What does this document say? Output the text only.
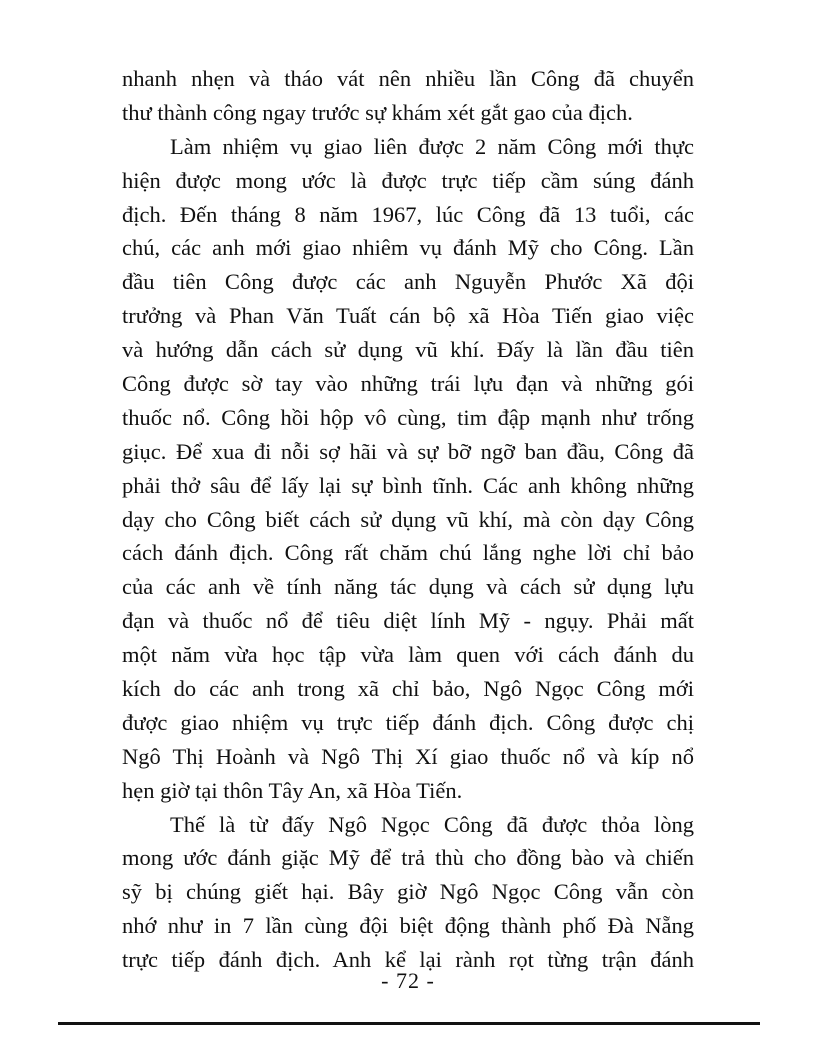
nhanh nhẹn và tháo vát nên nhiều lần Công đã chuyển
thư thành công ngay trước sự khám xét gắt gao của địch.
Làm nhiệm vụ giao liên được 2 năm Công mới thực
hiện được mong ước là được trực tiếp cầm súng đánh
địch. Đến tháng 8 năm 1967, lúc Công đã 13 tuổi, các
chú, các anh mới giao nhiêm vụ đánh Mỹ cho Công. Lần
đầu tiên Công được các anh Nguyễn Phước Xã đội
trưởng và Phan Văn Tuất cán bộ xã Hòa Tiến giao việc
và hướng dẫn cách sử dụng vũ khí. Đấy là lần đầu tiên
Công được sờ tay vào những trái lựu đạn và những gói
thuốc nổ. Công hồi hộp vô cùng, tim đập mạnh như trống
giục. Để xua đi nỗi sợ hãi và sự bỡ ngỡ ban đầu, Công đã
phải thở sâu để lấy lại sự bình tĩnh. Các anh không những
dạy cho Công biết cách sử dụng vũ khí, mà còn dạy Công
cách đánh địch. Công rất chăm chú lắng nghe lời chỉ bảo
của các anh về tính năng tác dụng và cách sử dụng lựu
đạn và thuốc nổ để tiêu diệt lính Mỹ - ngụy. Phải mất
một năm vừa học tập vừa làm quen với cách đánh du
kích do các anh trong xã chỉ bảo, Ngô Ngọc Công mới
được giao nhiệm vụ trực tiếp đánh địch. Công được chị
Ngô Thị Hoành và Ngô Thị Xí giao thuốc nổ và kíp nổ
hẹn giờ tại thôn Tây An, xã Hòa Tiến.
Thế là từ đấy Ngô Ngọc Công đã được thỏa lòng
mong ước đánh giặc Mỹ để trả thù cho đồng bào và chiến
sỹ bị chúng giết hại. Bây giờ Ngô Ngọc Công vẫn còn
nhớ như in 7 lần cùng đội biệt động thành phố Đà Nẵng
trực tiếp đánh địch. Anh kể lại rành rọt từng trận đánh
- 72 -
